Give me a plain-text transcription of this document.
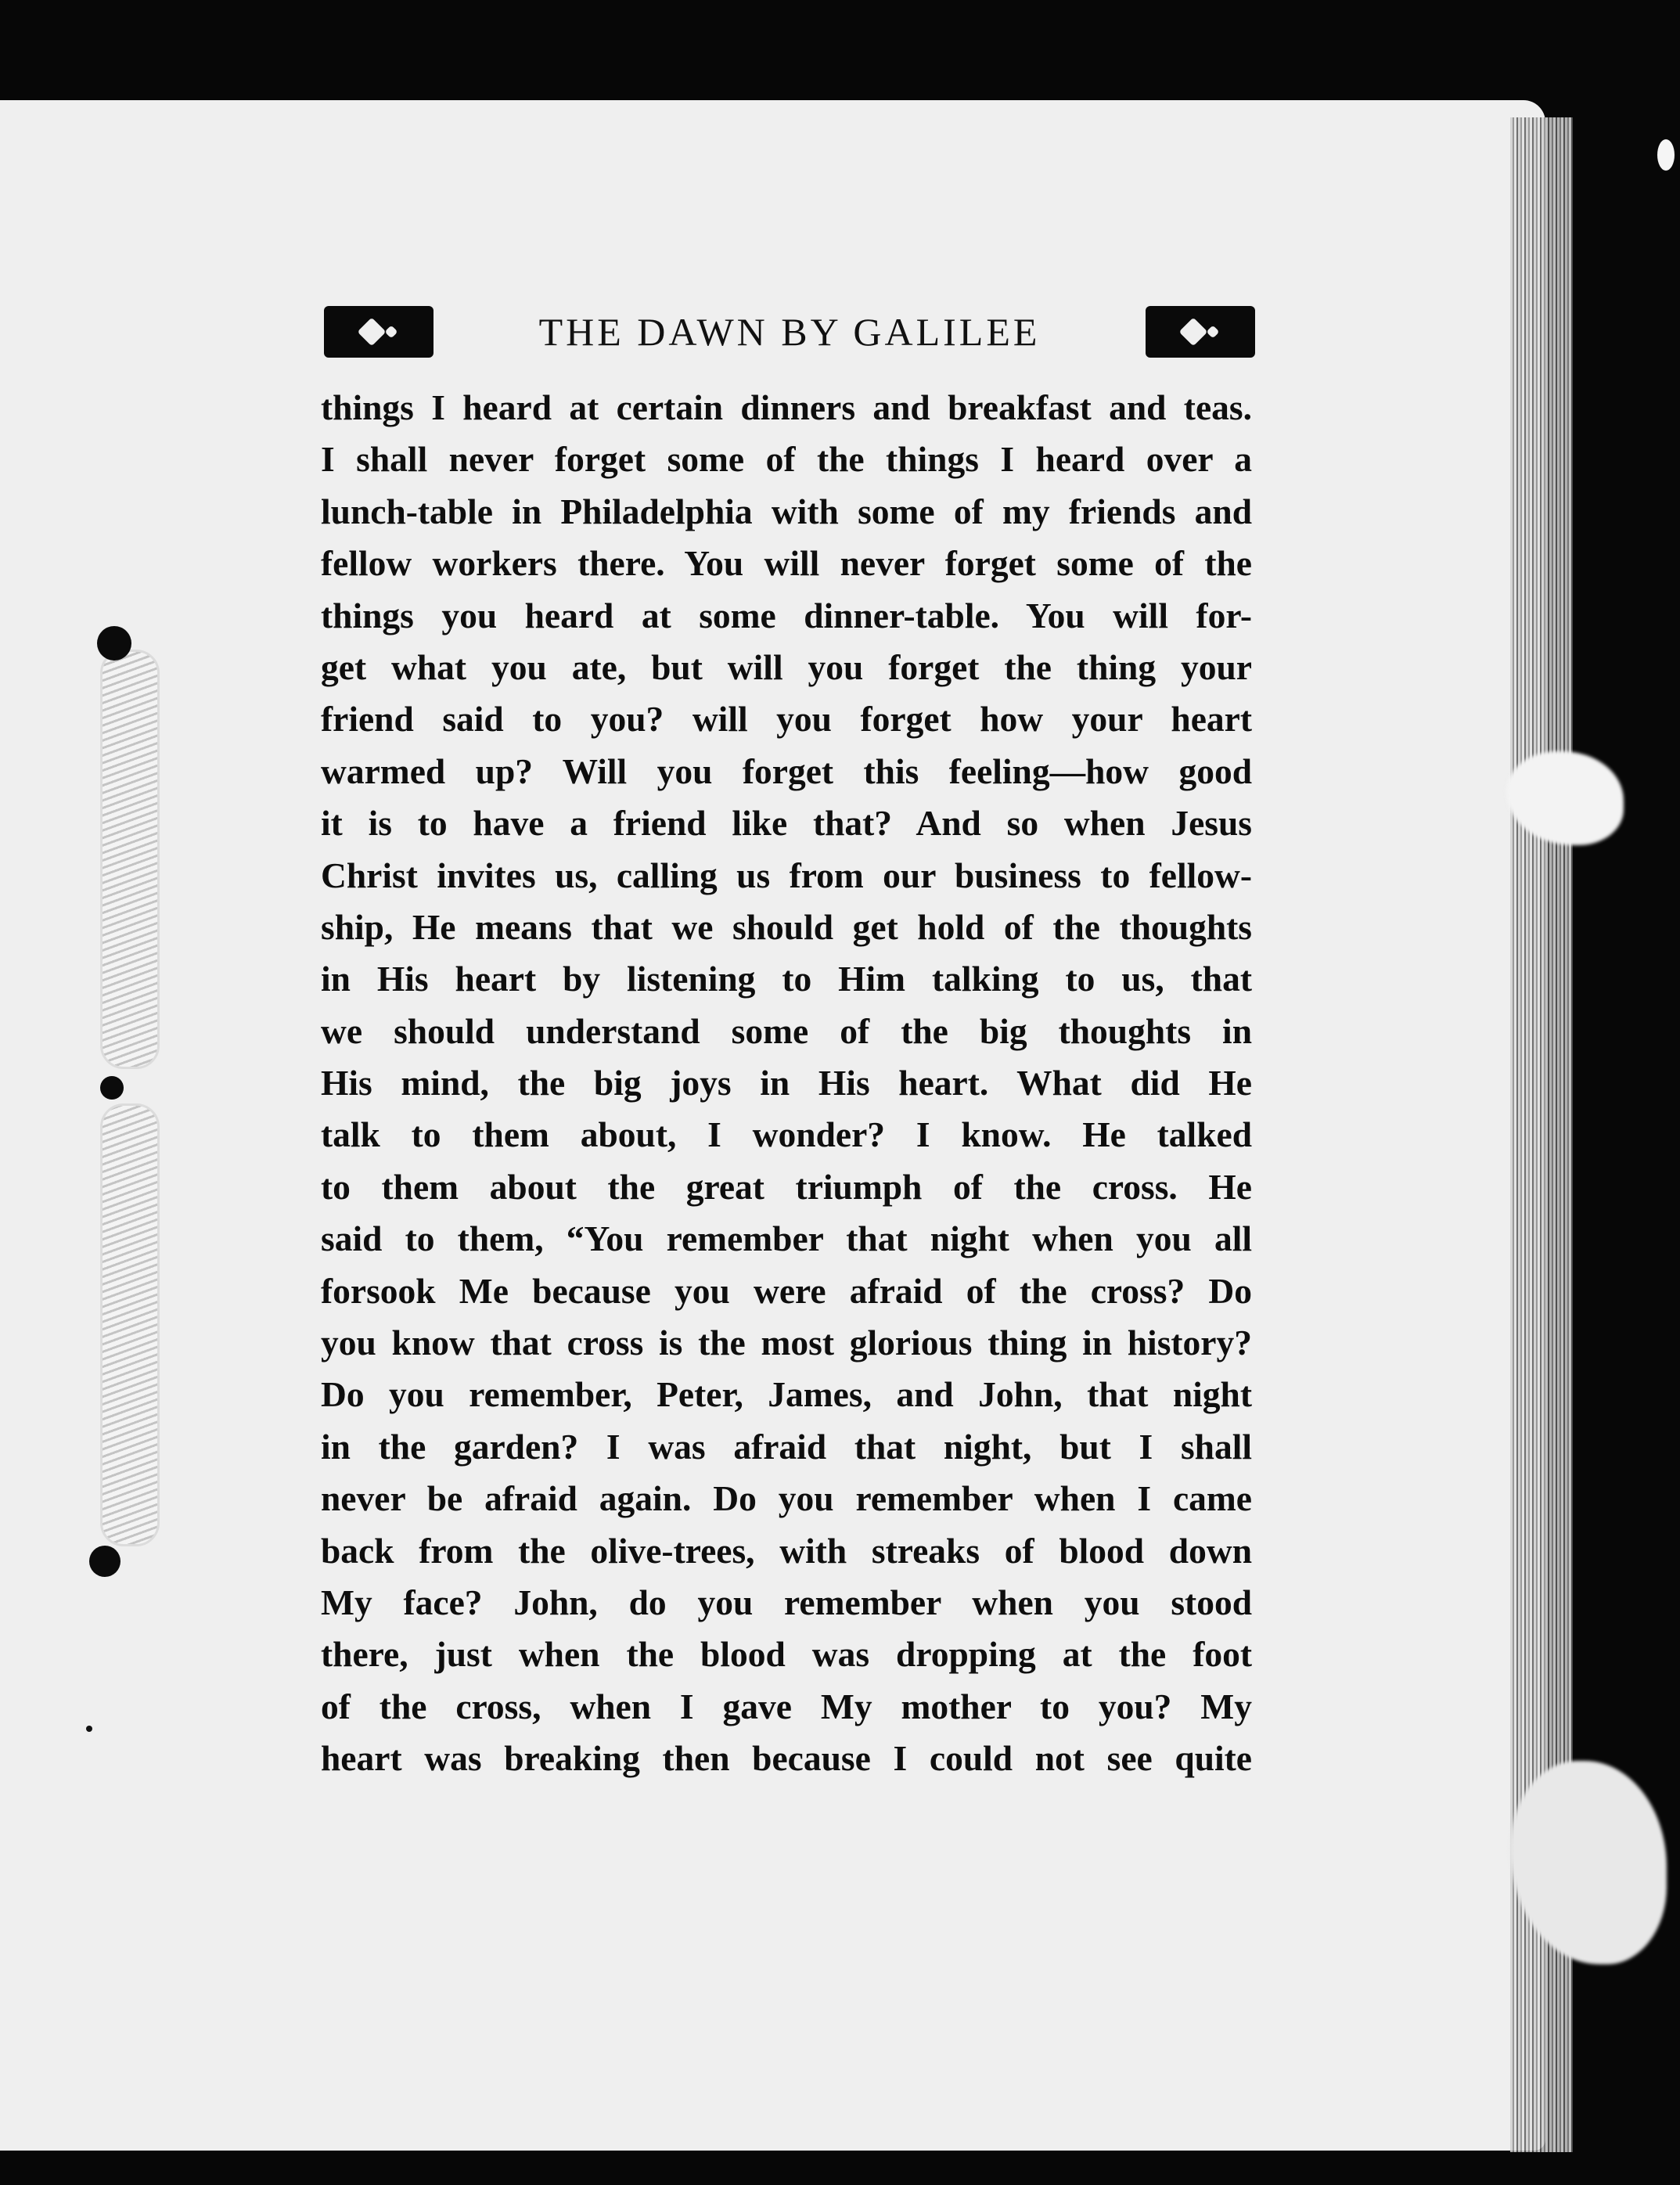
THE DAWN BY GALILEE
things I heard at certain dinners and breakfast and teas.
I shall never forget some of the things I heard over a
lunch-table in Philadelphia with some of my friends and
fellow workers there. You will never forget some of the
things you heard at some dinner-table. You will for-
get what you ate, but will you forget the thing your
friend said to you? will you forget how your heart
warmed up? Will you forget this feeling—how good
it is to have a friend like that? And so when Jesus
Christ invites us, calling us from our business to fellow-
ship, He means that we should get hold of the thoughts
in His heart by listening to Him talking to us, that
we should understand some of the big thoughts in
His mind, the big joys in His heart. What did He
talk to them about, I wonder? I know. He talked
to them about the great triumph of the cross. He
said to them, “You remember that night when you all
forsook Me because you were afraid of the cross? Do
you know that cross is the most glorious thing in history?
Do you remember, Peter, James, and John, that night
in the garden? I was afraid that night, but I shall
never be afraid again. Do you remember when I came
back from the olive-trees, with streaks of blood down
My face? John, do you remember when you stood
there, just when the blood was dropping at the foot
of the cross, when I gave My mother to you? My
heart was breaking then because I could not see quite
